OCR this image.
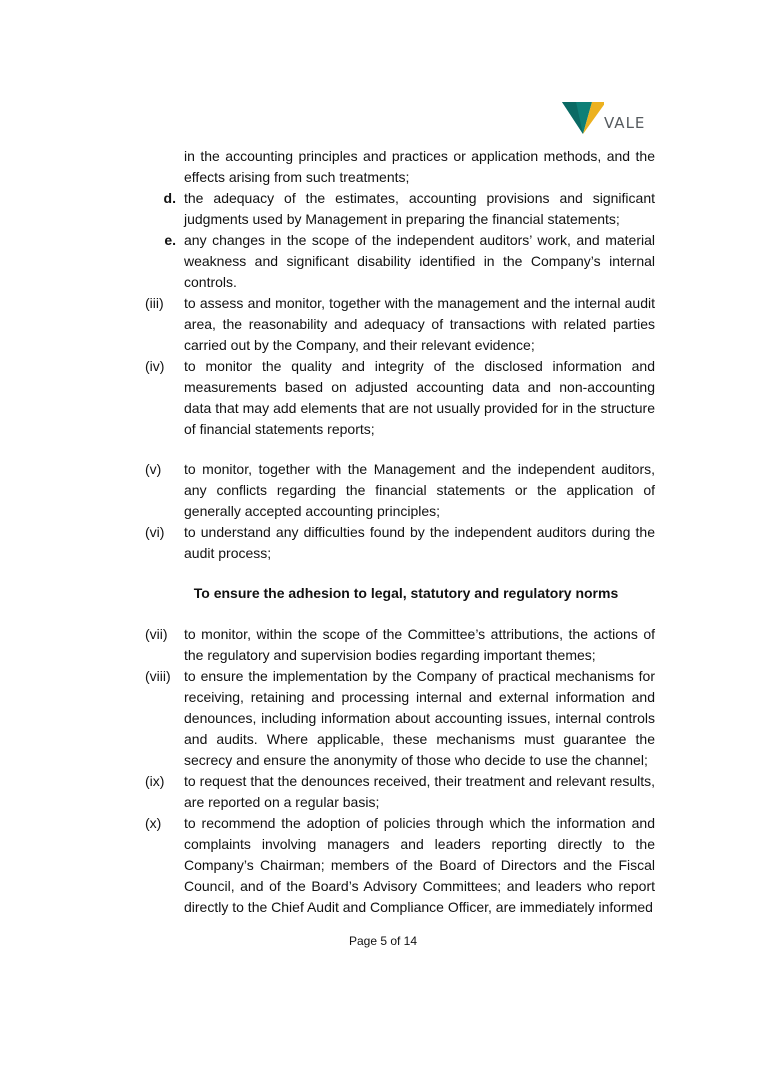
VALE
in the accounting principles and practices or application methods, and the effects arising from such treatments;
d. the adequacy of the estimates, accounting provisions and significant judgments used by Management in preparing the financial statements;
e. any changes in the scope of the independent auditors’ work, and material weakness and significant disability identified in the Company’s internal controls.
(iii)	to assess and monitor, together with the management and the internal audit area, the reasonability and adequacy of transactions with related parties carried out by the Company, and their relevant evidence;
(iv)	to monitor the quality and integrity of the disclosed information and measurements based on adjusted accounting data and non-accounting data that may add elements that are not usually provided for in the structure of financial statements reports;
(v)	to monitor, together with the Management and the independent auditors, any conflicts regarding the financial statements or the application of generally accepted accounting principles;
(vi)	to understand any difficulties found by the independent auditors during the audit process;
To ensure the adhesion to legal, statutory and regulatory norms
(vii)	to monitor, within the scope of the Committee’s attributions, the actions of the regulatory and supervision bodies regarding important themes;
(viii) to ensure the implementation by the Company of practical mechanisms for receiving, retaining and processing internal and external information and denounces, including information about accounting issues, internal controls and audits. Where applicable, these mechanisms must guarantee the secrecy and ensure the anonymity of those who decide to use the channel;
(ix)	to request that the denounces received, their treatment and relevant results, are reported on a regular basis;
(x)	to recommend the adoption of policies through which the information and complaints involving managers and leaders reporting directly to the Company’s Chairman; members of the Board of Directors and the Fiscal Council, and of the Board’s Advisory Committees; and leaders who report directly to the Chief Audit and Compliance Officer, are immediately informed
Page 5 of 14
